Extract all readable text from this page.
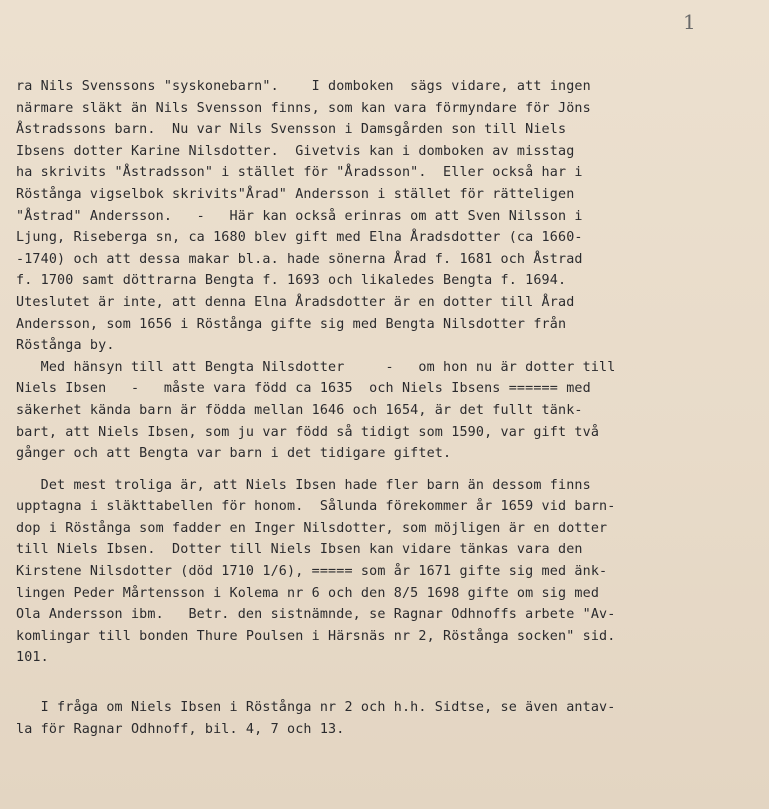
1
ra Nils Svenssons "syskonebarn".    I domboken  sägs vidare, att ingen
närmare släkt än Nils Svensson finns, som kan vara förmyndare för Jöns
Åstradssons barn.  Nu var Nils Svensson i Damsgården son till Niels
Ibsens dotter Karine Nilsdotter.  Givetvis kan i domboken av misstag
ha skrivits "Åstradsson" i stället för "Åradsson".  Eller också har i
Röstånga vigselbok skrivits"Årad" Andersson i stället för rätteligen
"Åstrad" Andersson.   -   Här kan också erinras om att Sven Nilsson i
Ljung, Riseberga sn, ca 1680 blev gift med Elna Åradsdotter (ca 1660-
-1740) och att dessa makar bl.a. hade sönerna Årad f. 1681 och Åstrad
f. 1700 samt döttrarna Bengta f. 1693 och likaledes Bengta f. 1694.
Uteslutet är inte, att denna Elna Åradsdotter är en dotter till Årad
Andersson, som 1656 i Röstånga gifte sig med Bengta Nilsdotter från
Röstånga by.
Med hänsyn till att Bengta Nilsdotter     -   om hon nu är dotter till
Niels Ibsen   -   måste vara född ca 1635  och Niels Ibsens ====== med
säkerhet kända barn är födda mellan 1646 och 1654, är det fullt tänk-
bart, att Niels Ibsen, som ju var född så tidigt som 1590, var gift två
gånger och att Bengta var barn i det tidigare giftet.
Det mest troliga är, att Niels Ibsen hade fler barn än dessom finns
upptagna i släkttabellen för honom.  Sålunda förekommer år 1659 vid barn-
dop i Röstånga som fadder en Inger Nilsdotter, som möjligen är en dotter
till Niels Ibsen.  Dotter till Niels Ibsen kan vidare tänkas vara den
Kirstene Nilsdotter (död 1710 1/6), ===== som år 1671 gifte sig med änk-
lingen Peder Mårtensson i Kolema nr 6 och den 8/5 1698 gifte om sig med
Ola Andersson ibm.   Betr. den sistnämnde, se Ragnar Odhnoffs arbete "Av-
komlingar till bonden Thure Poulsen i Härsnäs nr 2, Röstånga socken" sid.
101.
I fråga om Niels Ibsen i Röstånga nr 2 och h.h. Sidtse, se även antav-
la för Ragnar Odhnoff, bil. 4, 7 och 13.
